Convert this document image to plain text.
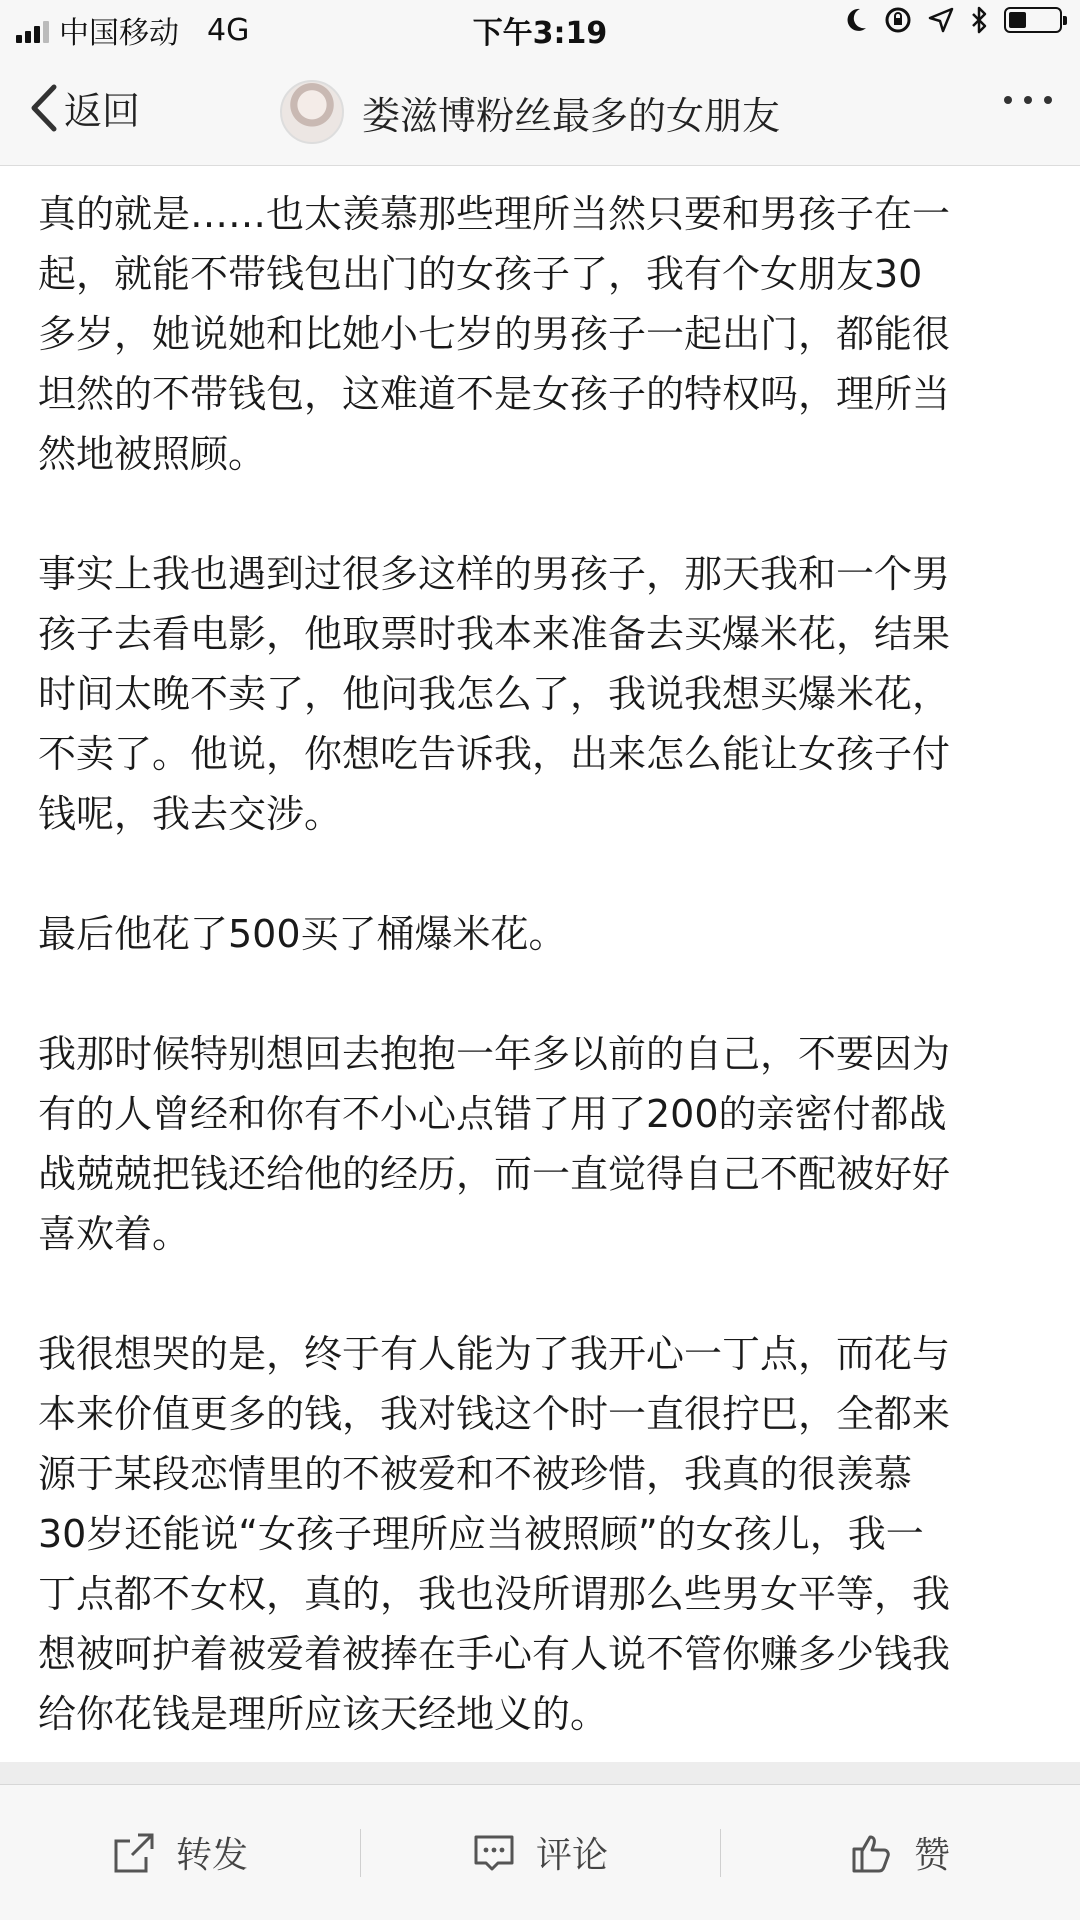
中国移动 4G	下午3:19
返回	娄滋博粉丝最多的女朋友

真的就是……也太羡慕那些理所当然只要和男孩子在一
起，就能不带钱包出门的女孩子了，我有个女朋友30
多岁，她说她和比她小七岁的男孩子一起出门，都能很
坦然的不带钱包，这难道不是女孩子的特权吗，理所当
然地被照顾。

事实上我也遇到过很多这样的男孩子，那天我和一个男
孩子去看电影，他取票时我本来准备去买爆米花，结果
时间太晚不卖了，他问我怎么了，我说我想买爆米花，
不卖了。他说，你想吃告诉我，出来怎么能让女孩子付
钱呢，我去交涉。

最后他花了500买了桶爆米花。

我那时候特别想回去抱抱一年多以前的自己，不要因为
有的人曾经和你有不小心点错了用了200的亲密付都战
战兢兢把钱还给他的经历，而一直觉得自己不配被好好
喜欢着。

我很想哭的是，终于有人能为了我开心一丁点，而花与
本来价值更多的钱，我对钱这个时一直很拧巴，全都来
源于某段恋情里的不被爱和不被珍惜，我真的很羡慕
30岁还能说“女孩子理所应当被照顾”的女孩儿，我一
丁点都不女权，真的，我也没所谓那么些男女平等，我
想被呵护着被爱着被捧在手心有人说不管你赚多少钱我
给你花钱是理所应该天经地义的。

转发	评论	赞
